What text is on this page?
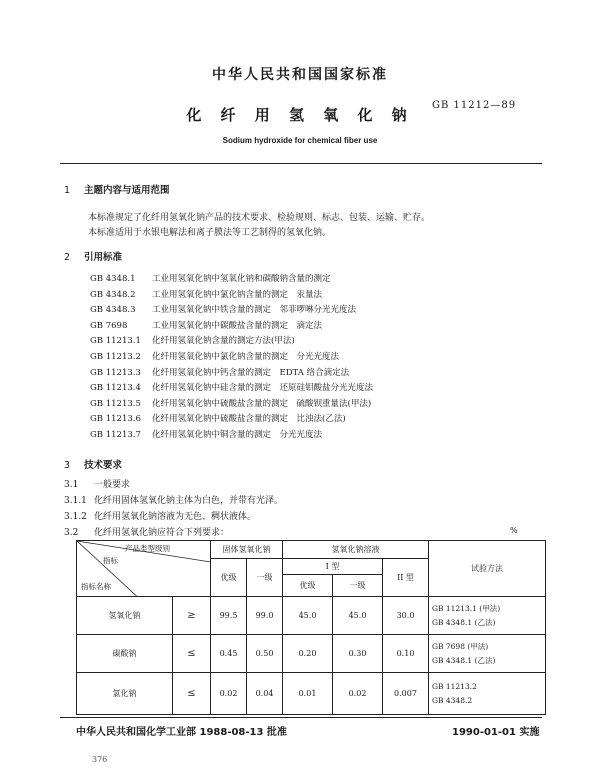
中华人民共和国国家标准
化 纤 用 氢 氧 化 钠
GB 11212—89
Sodium hydroxide for chemical fiber use
1 主题内容与适用范围
本标准规定了化纤用氢氧化钠产品的技术要求、检验规则、标志、包装、运输、贮存。
本标准适用于水银电解法和离子膜法等工艺制得的氢氧化钠。
2 引用标准
GB 4348.1 工业用氢氧化钠中氢氧化钠和碳酸钠含量的测定
GB 4348.2 工业用氢氧化钠中氯化钠含量的测定　汞量法
GB 4348.3 工业用氢氧化钠中铁含量的测定　邻菲啰啉分光光度法
GB 7698	工业用氢氧化钠中碳酸盐含量的测定　滴定法
GB 11213.1 化纤用氢氧化钠含量的测定方法(甲法)
GB 11213.2 化纤用氢氧化钠中氯化钠含量的测定　分光光度法
GB 11213.3 化纤用氢氧化钠中钙含量的测定　EDTA 络合滴定法
GB 11213.4 化纤用氢氧化钠中硅含量的测定　还原硅钼酸盐分光光度法
GB 11213.5 化纤用氢氧化钠中硫酸盐含量的测定　硫酸钡重量法(甲法)
GB 11213.6 化纤用氢氧化钠中硫酸盐含量的测定　比浊法(乙法)
GB 11213.7 化纤用氢氧化钠中铜含量的测定　分光光度法
3 技术要求
3.1 一般要求
3.1.1 化纤用固体氢氧化钠主体为白色，并带有光泽。
3.1.2 化纤用氢氧化钠溶液为无色、稠状液体。
3.2 化纤用氢氧化钠应符合下列要求：	%
产品类型级别
指标
指标名称		固体氢氧化钠		氢氧化钠溶液			试验方法
		优级	一级	I 型		II 型	
				优级	一级		
氢氧化钠	≥	99.5	99.0	45.0	45.0	30.0	GB 11213.1 (甲法)
GB 4348.1 (乙法)

碳酸钠	≤	0.45	0.50	0.20	0.30	0.10	GB 7698 (甲法)
GB 4348.1 (乙法)

氯化钠	≤	0.02	0.04	0.01	0.02	0.007	GB 11213.2
GB 4348.2
中华人民共和国化学工业部 1988-08-13 批准	1990-01-01 实施
376
